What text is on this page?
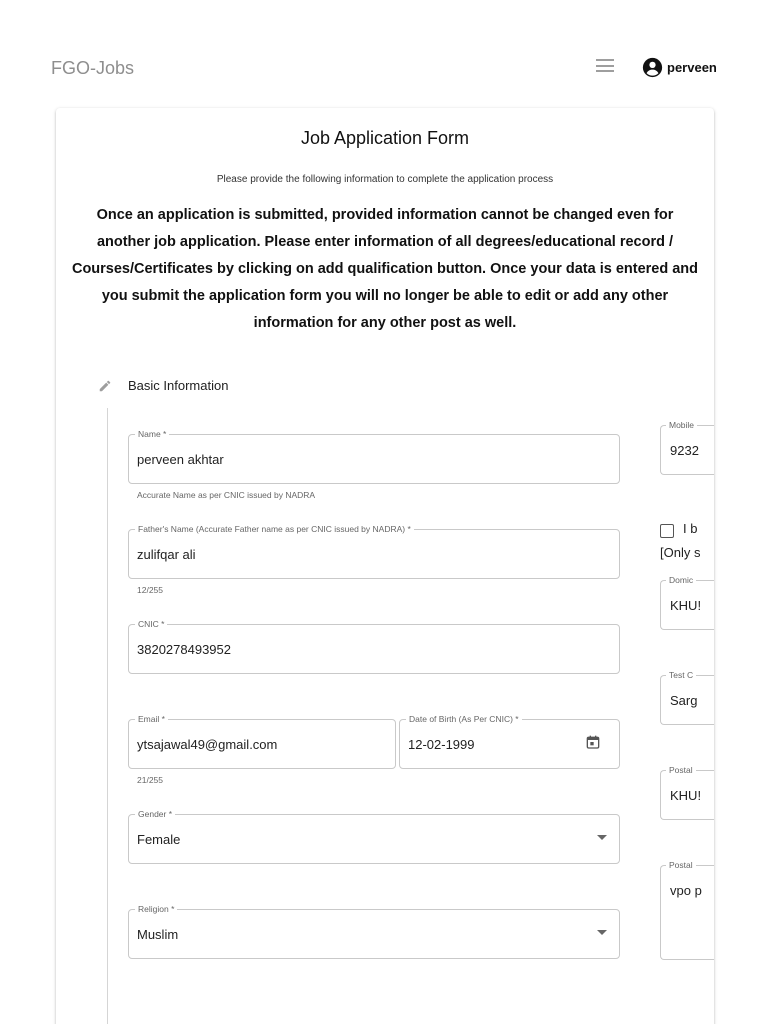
FGO-Jobs	perveen
Job Application Form
Please provide the following information to complete the application process
Once an application is submitted, provided information cannot be changed even for another job application. Please enter information of all degrees/educational record / Courses/Certificates by clicking on add qualification button. Once your data is entered and you submit the application form you will no longer be able to edit or add any other information for any other post as well.
Basic Information
Name *
perveen akhtar
Accurate Name as per CNIC issued by NADRA
Father's Name (Accurate Father name as per CNIC issued by NADRA) *
zulifqar ali
12/255
CNIC *
3820278493952
Email *
ytsajawal49@gmail.com
21/255
Date of Birth (As Per CNIC) *
12-02-1999
Gender *
Female
Religion *
Muslim
Mobile
9232
I b
[Only s
Domic
KHU!
Test C
Sarg
Postal
KHU!
Postal
vpo p
